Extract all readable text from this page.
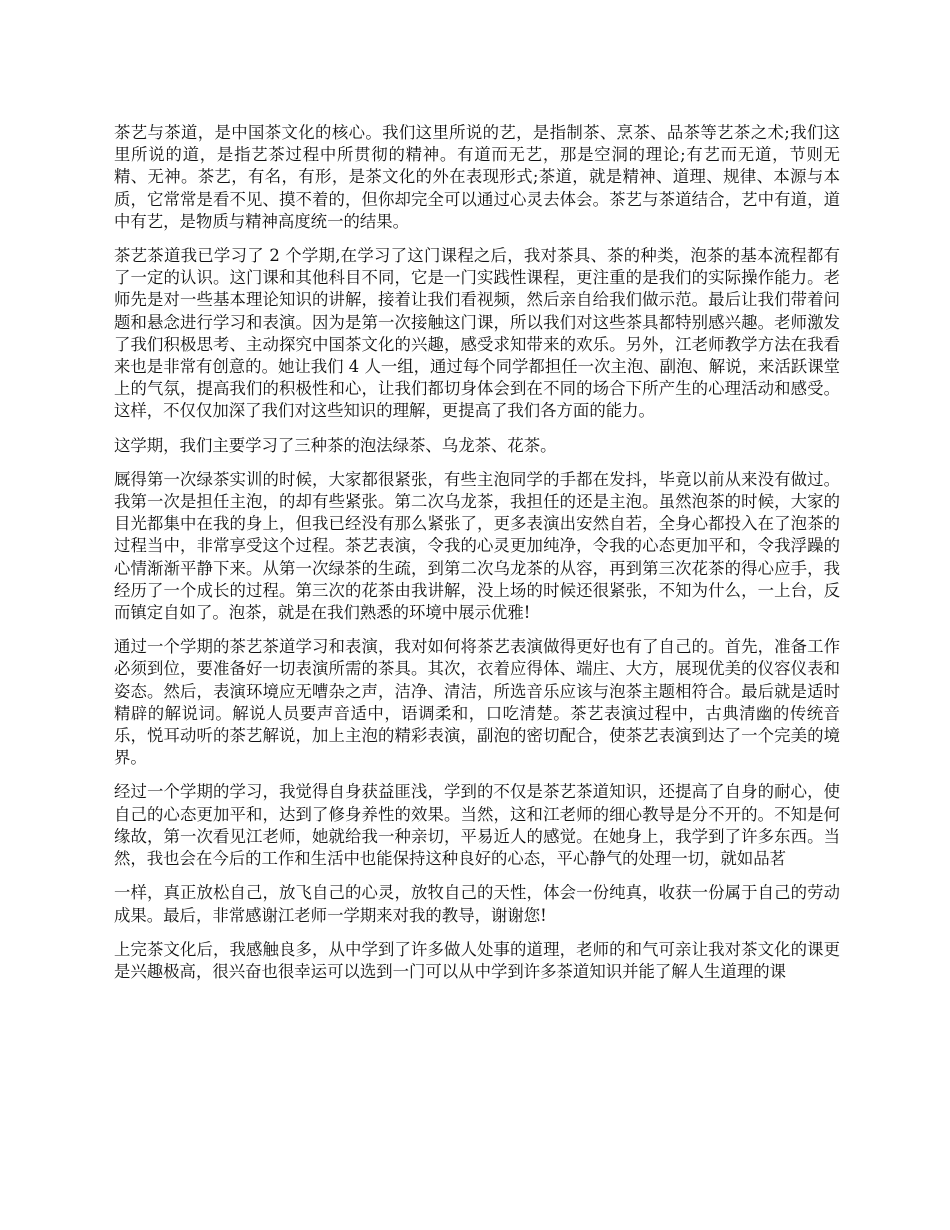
茶艺与茶道，是中国茶文化的核心。我们这里所说的艺，是指制茶、烹茶、品茶等艺茶之术;我们这里所说的道，是指艺茶过程中所贯彻的精神。有道而无艺，那是空洞的理论;有艺而无道，节则无精、无神。茶艺，有名，有形，是茶文化的外在表现形式;茶道，就是精神、道理、规律、本源与本质，它常常是看不见、摸不着的，但你却完全可以通过心灵去体会。茶艺与茶道结合，艺中有道，道中有艺，是物质与精神高度统一的结果。

茶艺茶道我已学习了 2 个学期,在学习了这门课程之后，我对茶具、茶的种类，泡茶的基本流程都有了一定的认识。这门课和其他科目不同，它是一门实践性课程，更注重的是我们的实际操作能力。老师先是对一些基本理论知识的讲解，接着让我们看视频，然后亲自给我们做示范。最后让我们带着问题和悬念进行学习和表演。因为是第一次接触这门课，所以我们对这些茶具都特别感兴趣。老师激发了我们积极思考、主动探究中国茶文化的兴趣，感受求知带来的欢乐。另外，江老师教学方法在我看来也是非常有创意的。她让我们 4 人一组，通过每个同学都担任一次主泡、副泡、解说，来活跃课堂上的气氛，提高我们的积极性和心，让我们都切身体会到在不同的场合下所产生的心理活动和感受。这样，不仅仅加深了我们对这些知识的理解，更提高了我们各方面的能力。

这学期，我们主要学习了三种茶的泡法绿茶、乌龙茶、花茶。

厩得第一次绿茶实训的时候，大家都很紧张，有些主泡同学的手都在发抖，毕竟以前从来没有做过。我第一次是担任主泡，的却有些紧张。第二次乌龙茶，我担任的还是主泡。虽然泡茶的时候，大家的目光都集中在我的身上，但我已经没有那么紧张了，更多表演出安然自若，全身心都投入在了泡茶的过程当中，非常享受这个过程。茶艺表演，令我的心灵更加纯净，令我的心态更加平和，令我浮躁的心情渐渐平静下来。从第一次绿茶的生疏，到第二次乌龙茶的从容，再到第三次花茶的得心应手，我经历了一个成长的过程。第三次的花茶由我讲解，没上场的时候还很紧张，不知为什么，一上台，反而镇定自如了。泡茶，就是在我们熟悉的环境中展示优雅!

通过一个学期的茶艺茶道学习和表演，我对如何将茶艺表演做得更好也有了自己的。首先，准备工作必须到位，要准备好一切表演所需的茶具。其次，衣着应得体、端庄、大方，展现优美的仪容仪表和姿态。然后，表演环境应无嘈杂之声，洁净、清洁，所选音乐应该与泡茶主题相符合。最后就是适时精辟的解说词。解说人员要声音适中，语调柔和，口吃清楚。茶艺表演过程中，古典清幽的传统音乐，悦耳动听的茶艺解说，加上主泡的精彩表演，副泡的密切配合，使茶艺表演到达了一个完美的境界。

经过一个学期的学习，我觉得自身获益匪浅，学到的不仅是茶艺茶道知识，还提高了自身的耐心，使自己的心态更加平和，达到了修身养性的效果。当然，这和江老师的细心教导是分不开的。不知是何缘故，第一次看见江老师，她就给我一种亲切，平易近人的感觉。在她身上，我学到了许多东西。当然，我也会在今后的工作和生活中也能保持这种良好的心态，平心静气的处理一切，就如品茗

一样，真正放松自己，放飞自己的心灵，放牧自己的天性，体会一份纯真，收获一份属于自己的劳动成果。最后，非常感谢江老师一学期来对我的教导，谢谢您!

上完茶文化后，我感触良多，从中学到了许多做人处事的道理，老师的和气可亲让我对茶文化的课更是兴趣极高，很兴奋也很幸运可以选到一门可以从中学到许多茶道知识并能了解人生道理的课
